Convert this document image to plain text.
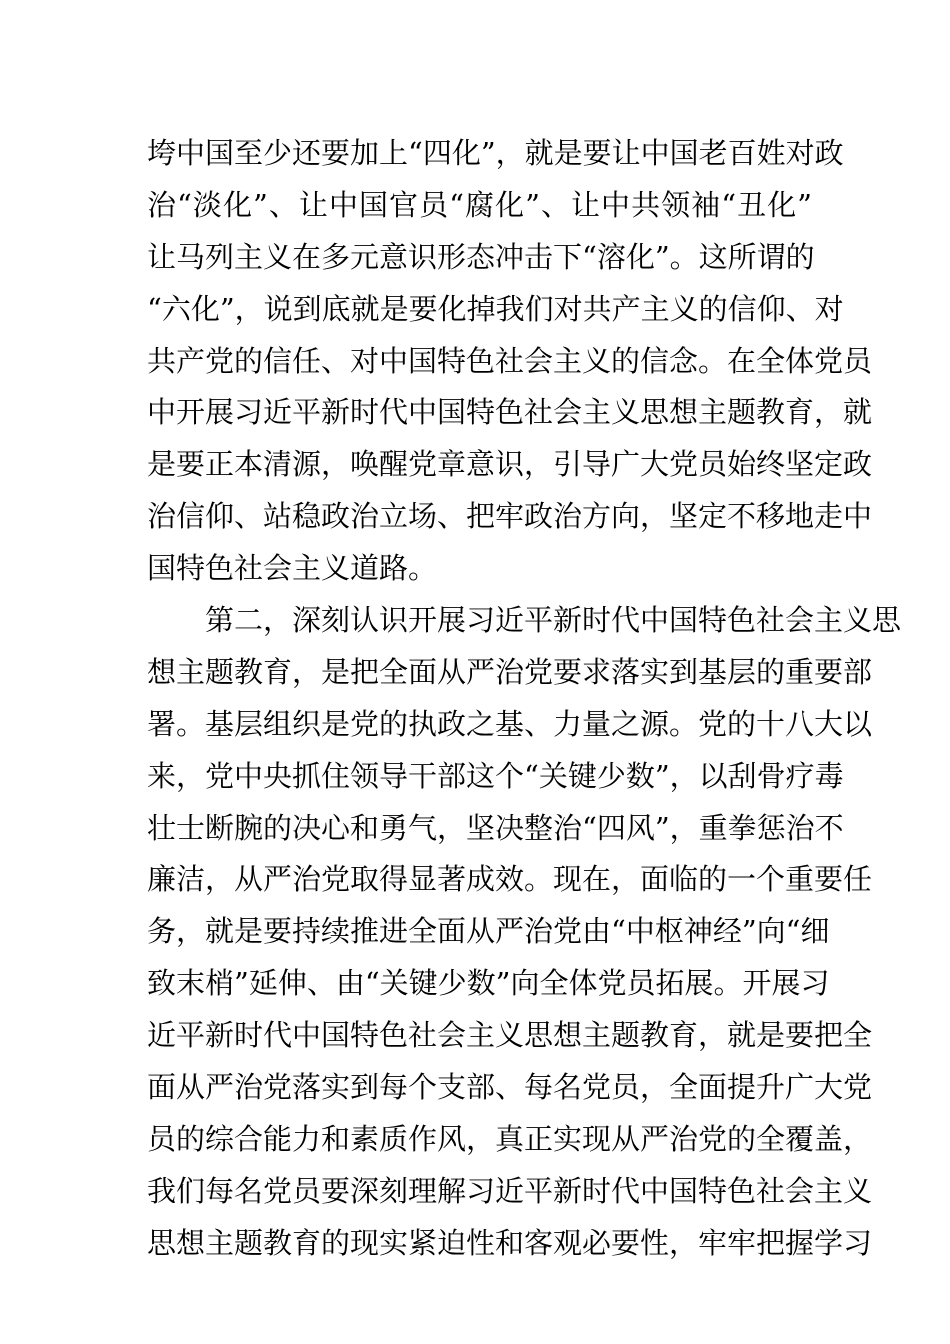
垮中国至少还要加上“四化”，就是要让中国老百姓对政
治“淡化”、让中国官员“腐化”、让中共领袖“丑化”
让马列主义在多元意识形态冲击下“溶化”。这所谓的
“六化”，说到底就是要化掉我们对共产主义的信仰、对
共产党的信任、对中国特色社会主义的信念。在全体党员
中开展习近平新时代中国特色社会主义思想主题教育，就
是要正本清源，唤醒党章意识，引导广大党员始终坚定政
治信仰、站稳政治立场、把牢政治方向，坚定不移地走中
国特色社会主义道路。
　　第二，深刻认识开展习近平新时代中国特色社会主义思
想主题教育，是把全面从严治党要求落实到基层的重要部
署。基层组织是党的执政之基、力量之源。党的十八大以
来，党中央抓住领导干部这个“关键少数”，以刮骨疗毒
壮士断腕的决心和勇气，坚决整治“四风”，重拳惩治不
廉洁，从严治党取得显著成效。现在，面临的一个重要任
务，就是要持续推进全面从严治党由“中枢神经”向“细
致末梢”延伸、由“关键少数”向全体党员拓展。开展习
近平新时代中国特色社会主义思想主题教育，就是要把全
面从严治党落实到每个支部、每名党员，全面提升广大党
员的综合能力和素质作风，真正实现从严治党的全覆盖，
我们每名党员要深刻理解习近平新时代中国特色社会主义
思想主题教育的现实紧迫性和客观必要性，牢牢把握学习
